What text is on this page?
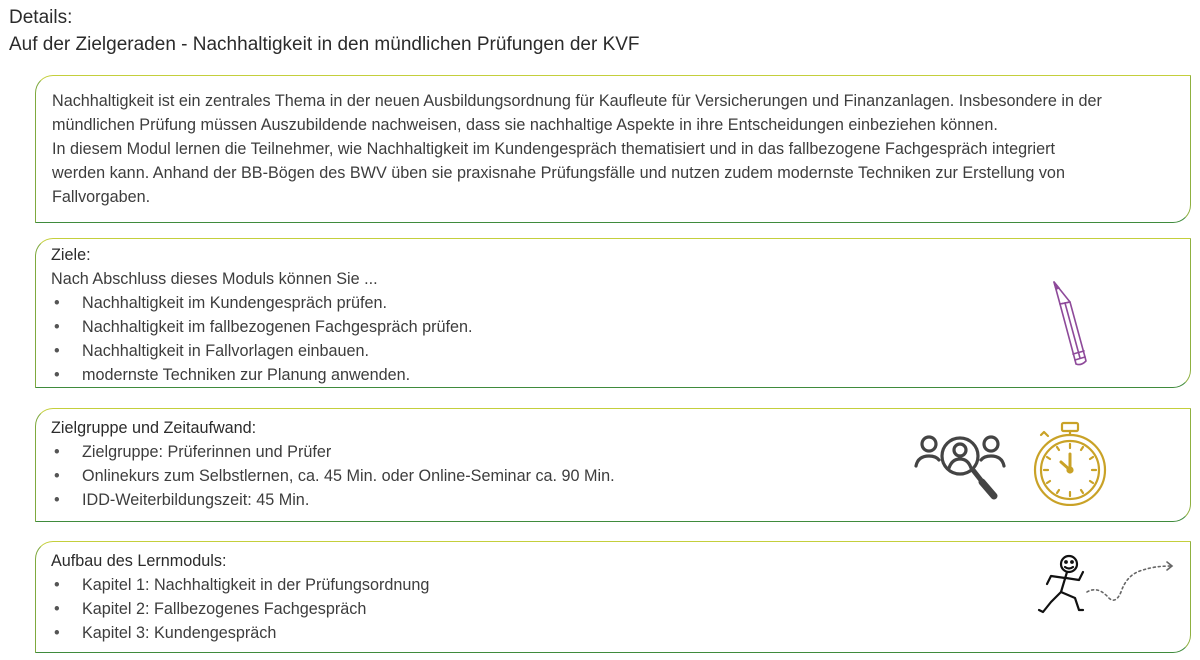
Details:
Auf der Zielgeraden - Nachhaltigkeit in den mündlichen Prüfungen der KVF

Nachhaltigkeit ist ein zentrales Thema in der neuen Ausbildungsordnung für Kaufleute für Versicherungen und Finanzanlagen. Insbesondere in der

mündlichen Prüfung müssen Auszubildende nachweisen, dass sie nachhaltige Aspekte in ihre Entscheidungen einbeziehen können.

In diesem Modul lernen die Teilnehmer, wie Nachhaltigkeit im Kundengespräch thematisiert und in das fallbezogene Fachgespräch integriert

werden kann. Anhand der BB-Bögen des BWV üben sie praxisnahe Prüfungsfälle und nutzen zudem modernste Techniken zur Erstellung von

Fallvorgaben.

Ziele:

Nach Abschluss dieses Moduls können Sie ...

• Nachhaltigkeit im Kundengespräch prüfen.
• Nachhaltigkeit im fallbezogenen Fachgespräch prüfen.
• Nachhaltigkeit in Fallvorlagen einbauen.
• modernste Techniken zur Planung anwenden.
Zielgruppe und Zeitaufwand:
• Zielgruppe: Prüferinnen und Prüfer
• Onlinekurs zum Selbstlernen, ca. 45 Min. oder Online-Seminar ca. 90 Min.
• IDD-Weiterbildungszeit: 45 Min.
Aufbau des Lernmoduls:
• Kapitel 1: Nachhaltigkeit in der Prüfungsordnung
• Kapitel 2: Fallbezogenes Fachgespräch
• Kapitel 3: Kundengespräch
